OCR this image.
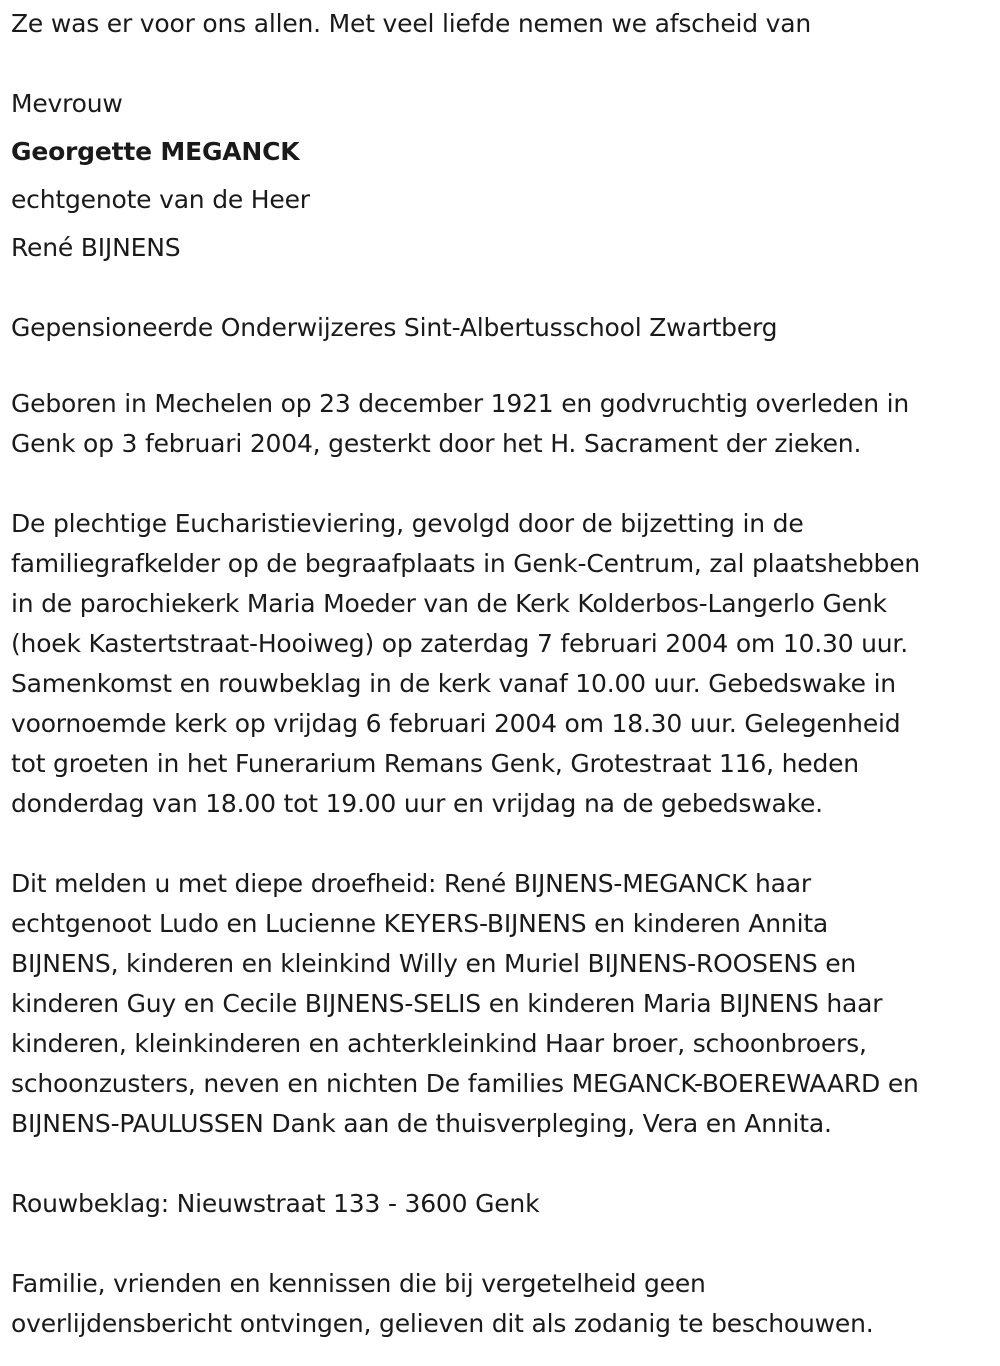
Ze was er voor ons allen. Met veel liefde nemen we afscheid van
Mevrouw
Georgette MEGANCK
echtgenote van de Heer
René BIJNENS
Gepensioneerde Onderwijzeres Sint-Albertusschool Zwartberg
Geboren in Mechelen op 23 december 1921 en godvruchtig overleden in
Genk op 3 februari 2004, gesterkt door het H. Sacrament der zieken.
De plechtige Eucharistieviering, gevolgd door de bijzetting in de
familiegrafkelder op de begraafplaats in Genk-Centrum, zal plaatshebben
in de parochiekerk Maria Moeder van de Kerk Kolderbos-Langerlo Genk
(hoek Kastertstraat-Hooiweg) op zaterdag 7 februari 2004 om 10.30 uur.
Samenkomst en rouwbeklag in de kerk vanaf 10.00 uur. Gebedswake in
voornoemde kerk op vrijdag 6 februari 2004 om 18.30 uur. Gelegenheid
tot groeten in het Funerarium Remans Genk, Grotestraat 116, heden
donderdag van 18.00 tot 19.00 uur en vrijdag na de gebedswake.
Dit melden u met diepe droefheid: René BIJNENS-MEGANCK haar
echtgenoot Ludo en Lucienne KEYERS-BIJNENS en kinderen Annita
BIJNENS, kinderen en kleinkind Willy en Muriel BIJNENS-ROOSENS en
kinderen Guy en Cecile BIJNENS-SELIS en kinderen Maria BIJNENS haar
kinderen, kleinkinderen en achterkleinkind Haar broer, schoonbroers,
schoonzusters, neven en nichten De families MEGANCK-BOEREWAARD en
BIJNENS-PAULUSSEN Dank aan de thuisverpleging, Vera en Annita.
Rouwbeklag: Nieuwstraat 133 - 3600 Genk
Familie, vrienden en kennissen die bij vergetelheid geen
overlijdensbericht ontvingen, gelieven dit als zodanig te beschouwen.
